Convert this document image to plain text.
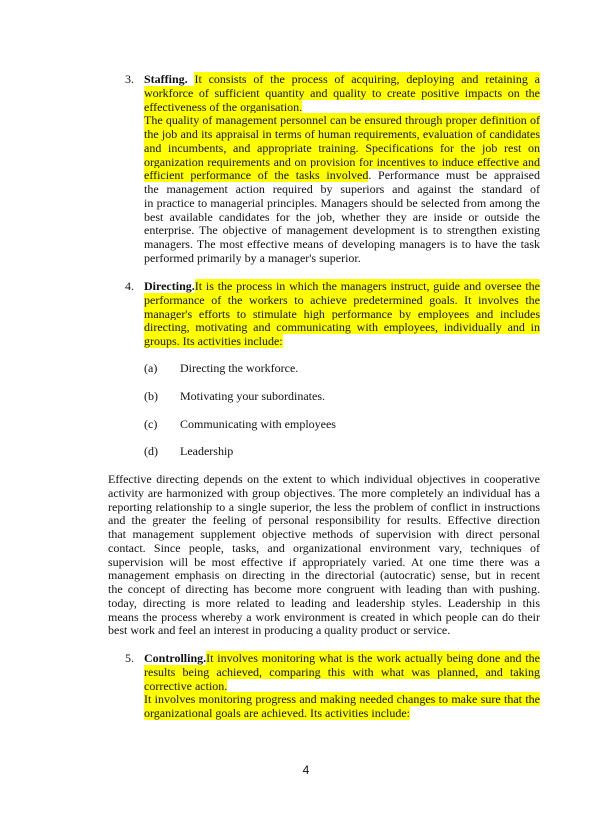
4
3. Staffing. It consists of the process of acquiring, deploying and retaining a
workforce of sufficient quantity and quality to create positive impacts on the
effectiveness of the organisation.
The quality of management personnel can be ensured through proper definition of
the job and its appraisal in terms of human requirements, evaluation of candidates
and incumbents, and appropriate training. Specifications for the job rest on
organization requirements and on provision for incentives to induce effective and
efficient performance of the tasks involved. Performance must be appraised
the management action required by superiors and against the standard of
in practice to managerial principles. Managers should be selected from among the
best available candidates for the job, whether they are inside or outside the
enterprise. The objective of management development is to strengthen existing
managers. The most effective means of developing managers is to have the task
performed primarily by a manager's superior.
4. Directing.It is the process in which the managers instruct, guide and oversee the
performance of the workers to achieve predetermined goals. It involves the
manager's efforts to stimulate high performance by employees and includes
directing, motivating and communicating with employees, individually and in
groups. Its activities include:
(a) Directing the workforce.
(b) Motivating your subordinates.
(c) Communicating with employees
(d) Leadership
Effective directing depends on the extent to which individual objectives in cooperative
activity are harmonized with group objectives. The more completely an individual has a
reporting relationship to a single superior, the less the problem of conflict in instructions
and the greater the feeling of personal responsibility for results. Effective direction
that management supplement objective methods of supervision with direct personal
contact. Since people, tasks, and organizational environment vary, techniques of
supervision will be most effective if appropriately varied. At one time there was a
management emphasis on directing in the directorial (autocratic) sense, but in recent
the concept of directing has become more congruent with leading than with pushing.
today, directing is more related to leading and leadership styles. Leadership in this
means the process whereby a work environment is created in which people can do their
best work and feel an interest in producing a quality product or service.
5. Controlling.It involves monitoring what is the work actually being done and the
results being achieved, comparing this with what was planned, and taking
corrective action.
It involves monitoring progress and making needed changes to make sure that the
organizational goals are achieved. Its activities include:
